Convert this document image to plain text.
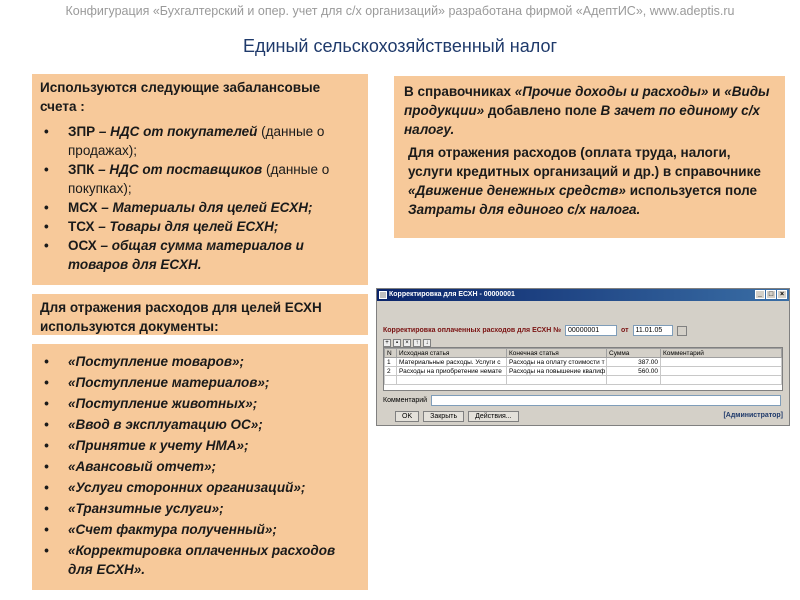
Конфигурация «Бухгалтерский и опер. учет для с/х организаций» разработана фирмой «АдептИС», www.adeptis.ru
Единый сельскохозяйственный налог
Используются следующие забалансовые счета :
• ЗПР – НДС от покупателей (данные о продажах);
• ЗПК – НДС от поставщиков (данные о покупках);
• МСХ – Материалы для целей ЕСХН;
• ТСХ – Товары для целей ЕСХН;
• ОСХ – общая сумма материалов и товаров для ЕСХН.
Для отражения расходов для целей ЕСХН используются документы:
• «Поступление товаров»;
• «Поступление материалов»;
• «Поступление животных»;
• «Ввод в эксплуатацию ОС»;
• «Принятие к учету НМА»;
• «Авансовый отчет»;
• «Услуги сторонних организаций»;
• «Транзитные услуги»;
• «Счет фактура полученный»;
• «Корректировка оплаченных расходов для ЕСХН».

В справочниках «Прочие доходы и расходы» и «Виды продукции» добавлено поле В зачет по единому с/х налогу.

Для отражения расходов (оплата труда, налоги, услуги кредитных организаций и др.) в справочнике «Движение денежных средств» используется поле Затраты для единого с/х налога.

Корректировка для ЕСХН - 00000001	_ □ ×
Корректировка оплаченных расходов для ЕСХН №	00000001	от	11.01.05
+	▪	×	↑	↓
N	Исходная статья	Конечная статья	Сумма	Комментарий
1	Материальные расходы. Услуги с	Расходы на оплату стоимости т	387.00	
2	Расходы на приобретение немате	Расходы на повышение квалиф	560.00	

Комментарий
OK	Закрыть	Действия...	[Администратор]
